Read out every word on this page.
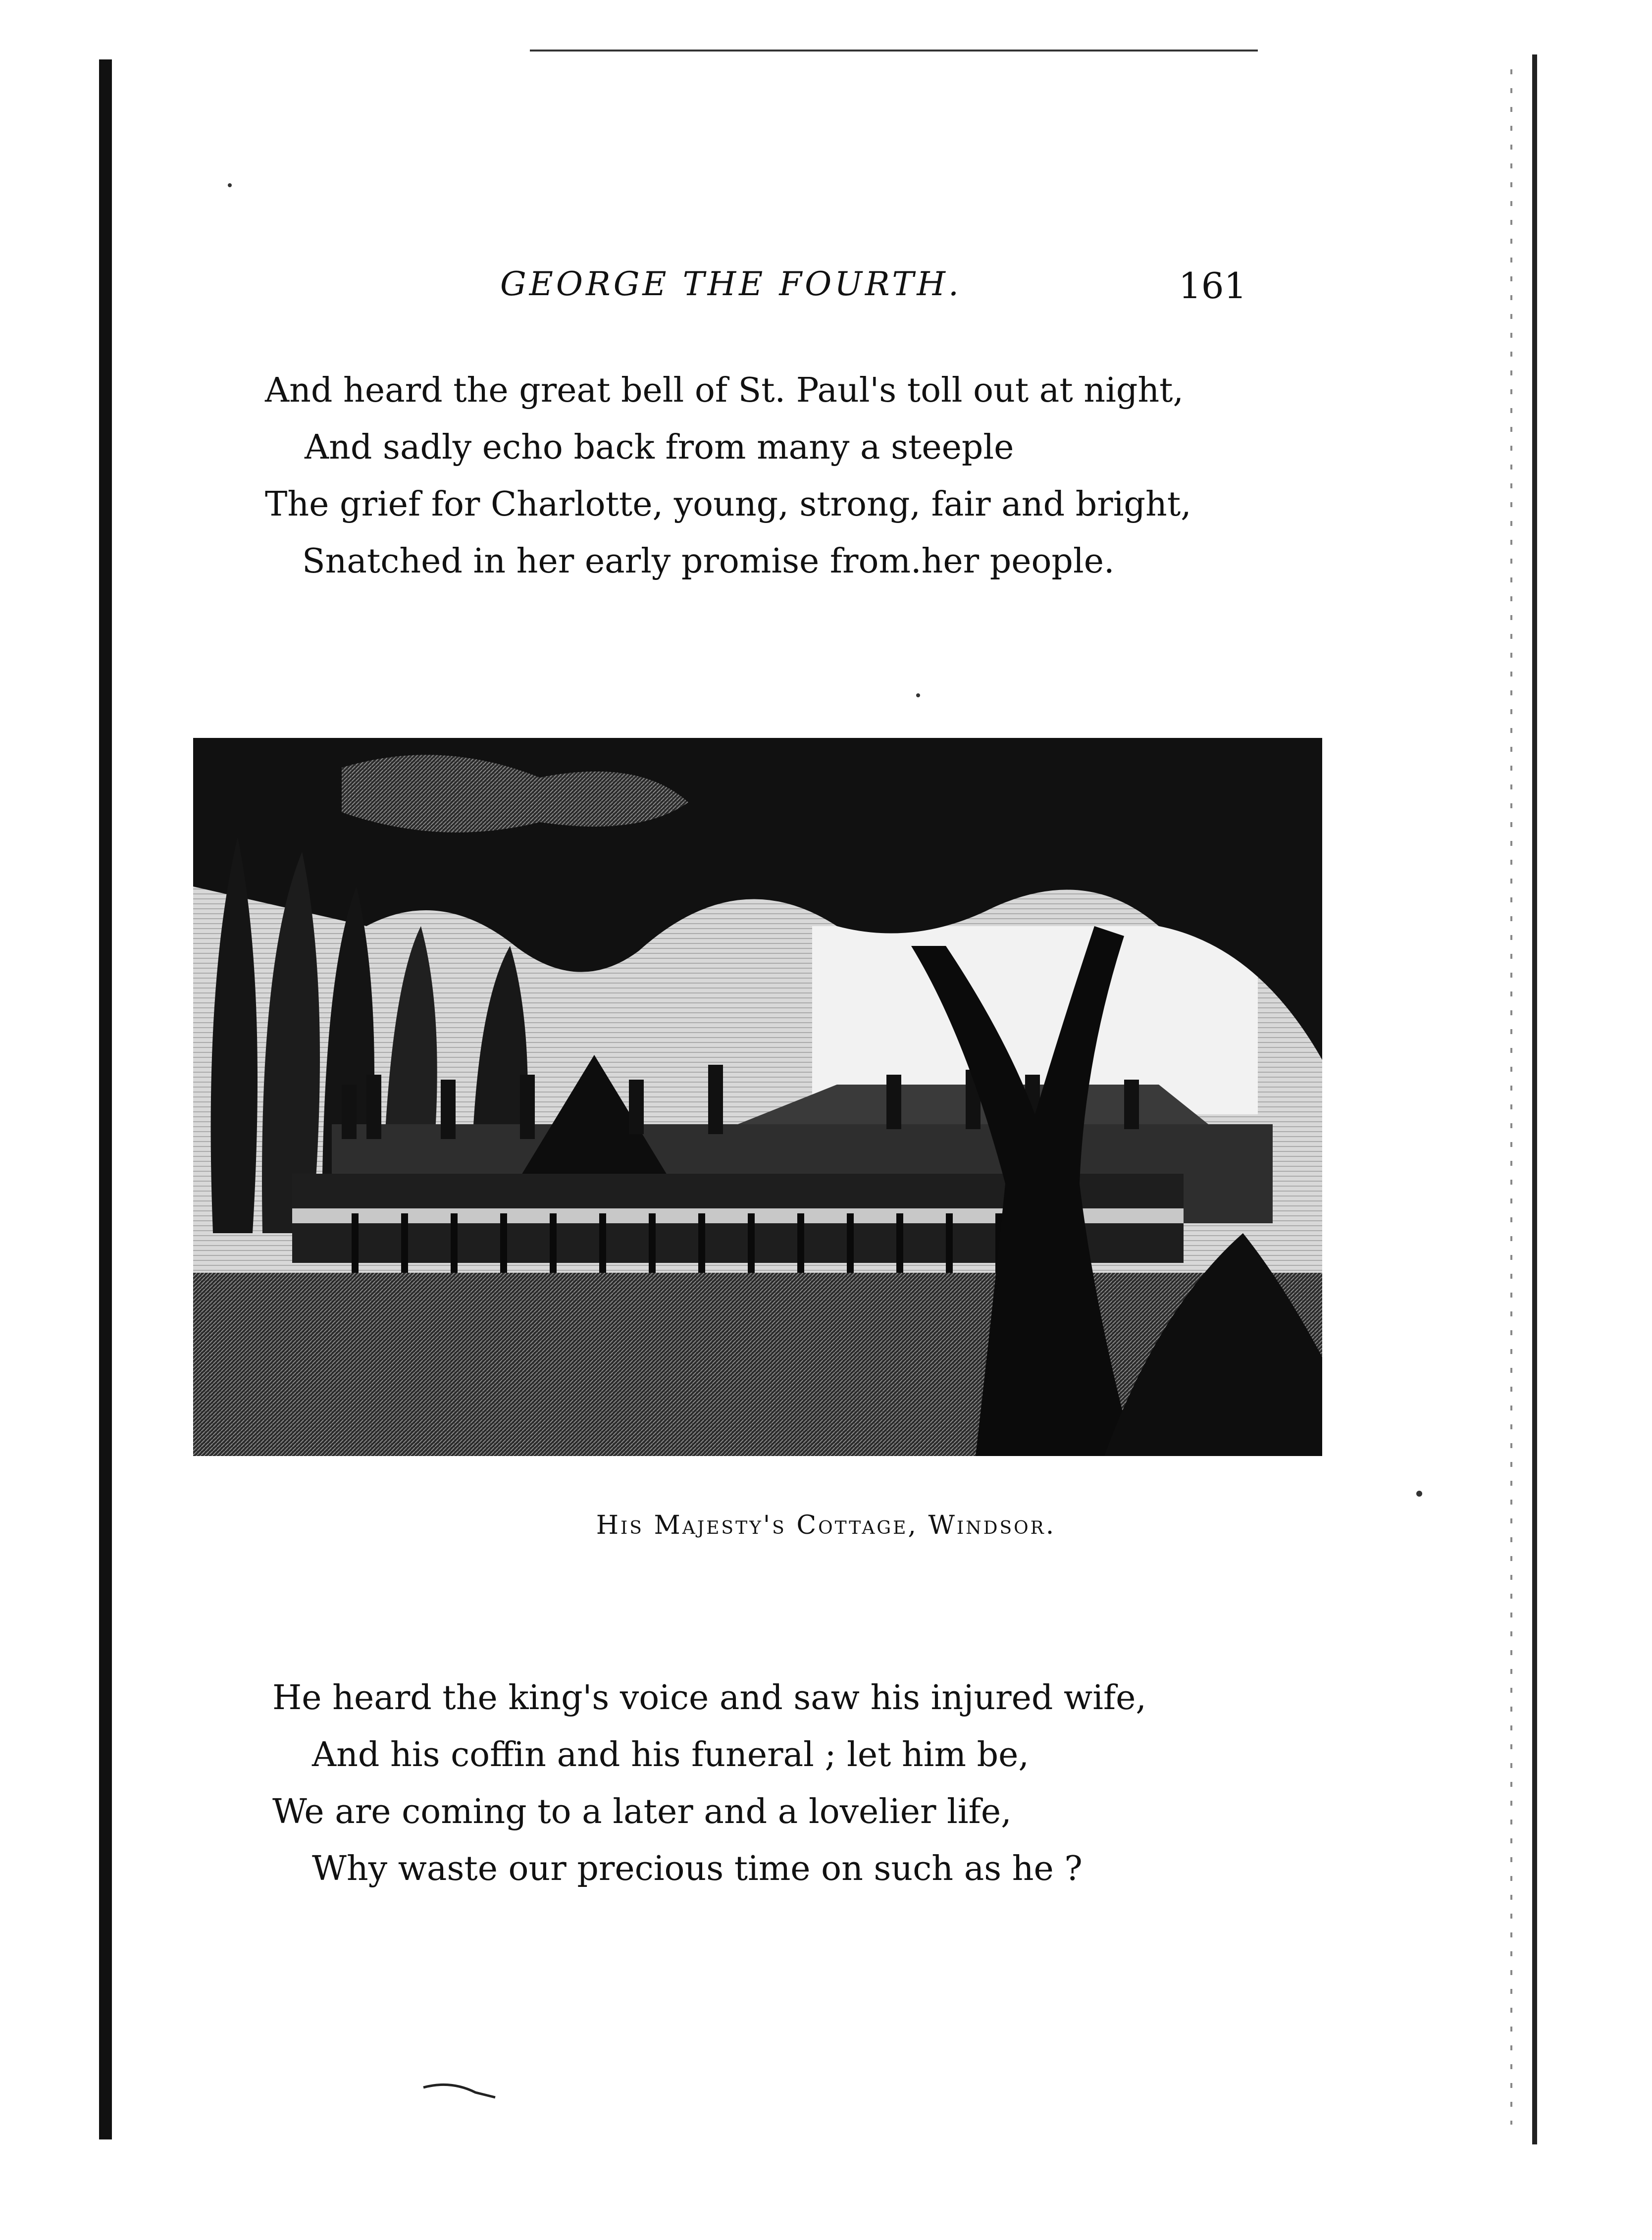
GEORGE THE FOURTH.	161
And heard the great bell of St. Paul's toll out at night,
And sadly echo back from many a steeple
The grief for Charlotte, young, strong, fair and bright,
Snatched in her early promise from.her people.
His Majesty's Cottage, Windsor.
He heard the king's voice and saw his injured wife,
And his coffin and his funeral ; let him be,
We are coming to a later and a lovelier life,
Why waste our precious time on such as he ?
